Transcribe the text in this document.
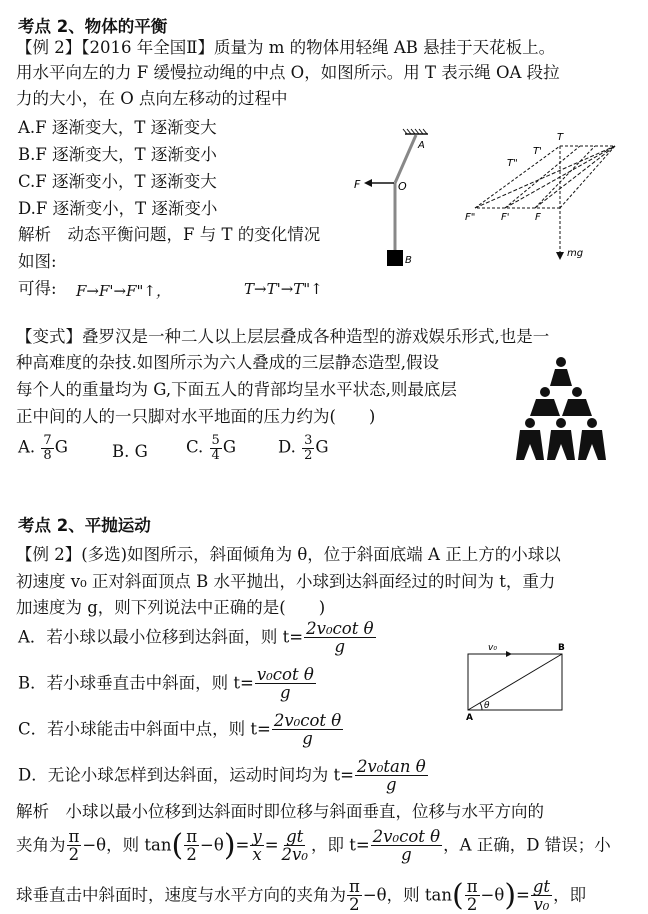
考点 2、物体的平衡
【例 2】【2016 年全国Ⅱ】质量为 m 的物体用轻绳 AB 悬挂于天花板上。
用水平向左的力 F 缓慢拉动绳的中点 O，如图所示。用 T 表示绳 OA 段拉
力的大小，在 O 点向左移动的过程中
A.F 逐渐变大，T 逐渐变大
B.F 逐渐变大，T 逐渐变小
C.F 逐渐变小，T 逐渐变大
D.F 逐渐变小，T 逐渐变小
解析　动态平衡问题，F 与 T 的变化情况
如图:
可得: F→F'→F"↑，	T→T'→T"↑
A
O
F
B
T
T'
T"
F"	F'	F
mg
【变式】叠罗汉是一种二人以上层层叠成各种造型的游戏娱乐形式,也是一
种高难度的杂技.如图所示为六人叠成的三层静态造型,假设
每个人的重量均为 G,下面五人的背部均呈水平状态,则最底层
正中间的人的一只脚对水平地面的压力约为(　　)
A. $\frac{7}{8}$ G	B. G C. $\frac{5}{4}$ G	D. $\frac{3}{2}$ G
考点 2、平抛运动
【例 2】(多选)如图所示，斜面倾角为 θ，位于斜面底端 A 正上方的小球以
初速度 v₀ 正对斜面顶点 B 水平抛出，小球到达斜面经过的时间为 t，重力
加速度为 g，则下列说法中正确的是(　　)
A．若小球以最小位移到达斜面，则 $t= \frac{\text{2v₀cot θ}}{g}$
B．若小球垂直击中斜面，则 $t= \frac{\text{v₀cot θ}}{g}$
C．若小球能击中斜面中点，则 $t= \frac{\text{2v₀cot θ}}{g}$
D．无论小球怎样到达斜面，运动时间均为 $t= \frac{\text{2v₀tan θ}}{g}$
v₀	B
A
θ
解析　小球以最小位移到达斜面时即位移与斜面垂直，位移与水平方向的
夹角为 $\frac{\pi}{2} -\theta$，则 $\tan( \frac{\pi}{2} -\theta)= \frac{y}{x} = \frac{gt}{\text{2v₀}}$ ，即 $t= \frac{\text{2v₀cot θ}}{g}$ ，A 正确，D 错误；小
球垂直击中斜面时，速度与水平方向的夹角为 $\frac{\pi}{2} -\theta$，则 $\tan( \frac{\pi}{2} -\theta)= \frac{gt}{\text{v₀}}$ ，即
